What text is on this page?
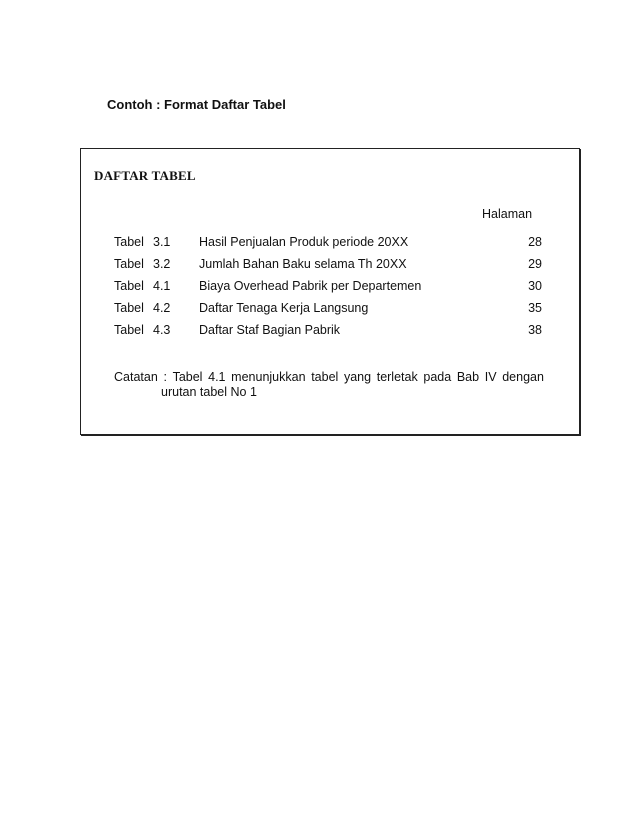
Contoh : Format Daftar Tabel
DAFTAR TABEL
Halaman
Tabel 3.1 Hasil Penjualan Produk periode 20XX	28
Tabel 3.2 Jumlah Bahan Baku selama Th 20XX	29
Tabel 4.1 Biaya Overhead Pabrik per Departemen	30
Tabel 4.2 Daftar Tenaga Kerja Langsung	35
Tabel 4.3 Daftar Staf Bagian Pabrik	38
Catatan : Tabel 4.1 menunjukkan tabel yang terletak pada Bab IV dengan
urutan tabel No 1
